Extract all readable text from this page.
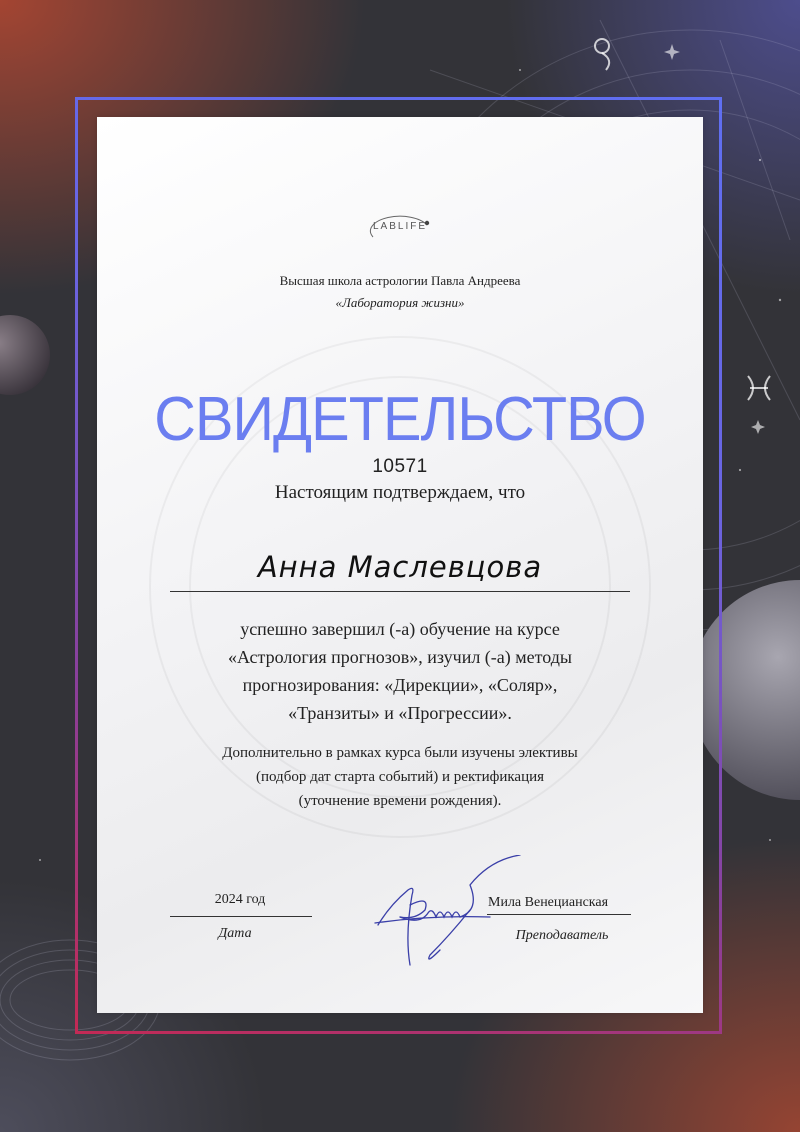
LABLIFE
Высшая школа астрологии Павла Андреева
«Лаборатория жизни»
СВИДЕТЕЛЬСТВО
10571
Настоящим подтверждаем, что
Анна Маслевцова
успешно завершил (-а) обучение на курсе
«Астрология прогнозов», изучил (-а) методы
прогнозирования: «Дирекции», «Соляр»,
«Транзиты» и «Прогрессии».
Дополнительно в рамках курса были изучены элективы
(подбор дат старта событий) и ректификация
(уточнение времени рождения).
2024 год
Дата
Мила Венецианская
Преподаватель
